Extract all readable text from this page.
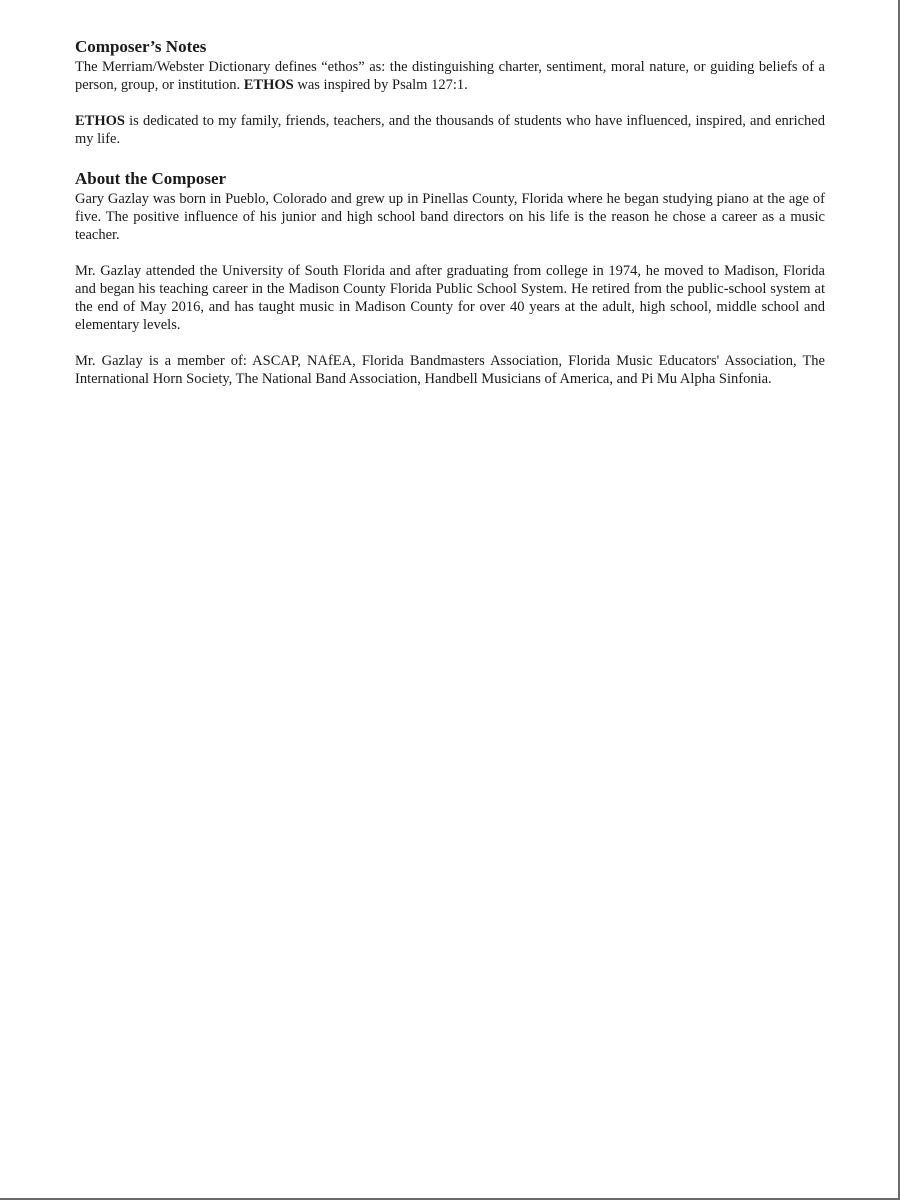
Composer’s Notes

The Merriam/Webster Dictionary defines “ethos” as: the distinguishing charter, sentiment, moral nature, or guiding beliefs of a person, group, or institution. ETHOS was inspired by Psalm 127:1.

ETHOS is dedicated to my family, friends, teachers, and the thousands of students who have influenced, inspired, and enriched my life.

About the Composer

Gary Gazlay was born in Pueblo, Colorado and grew up in Pinellas County, Florida where he began studying piano at the age of five. The positive influence of his junior and high school band directors on his life is the reason he chose a career as a music teacher.

Mr. Gazlay attended the University of South Florida and after graduating from college in 1974, he moved to Madison, Florida and began his teaching career in the Madison County Florida Public School System. He retired from the public-school system at the end of May 2016, and has taught music in Madison County for over 40 years at the adult, high school, middle school and elementary levels.

Mr. Gazlay is a member of: ASCAP, NAfEA, Florida Bandmasters Association, Florida Music Educators' Association, The International Horn Society, The National Band Association, Handbell Musicians of America, and Pi Mu Alpha Sinfonia.
